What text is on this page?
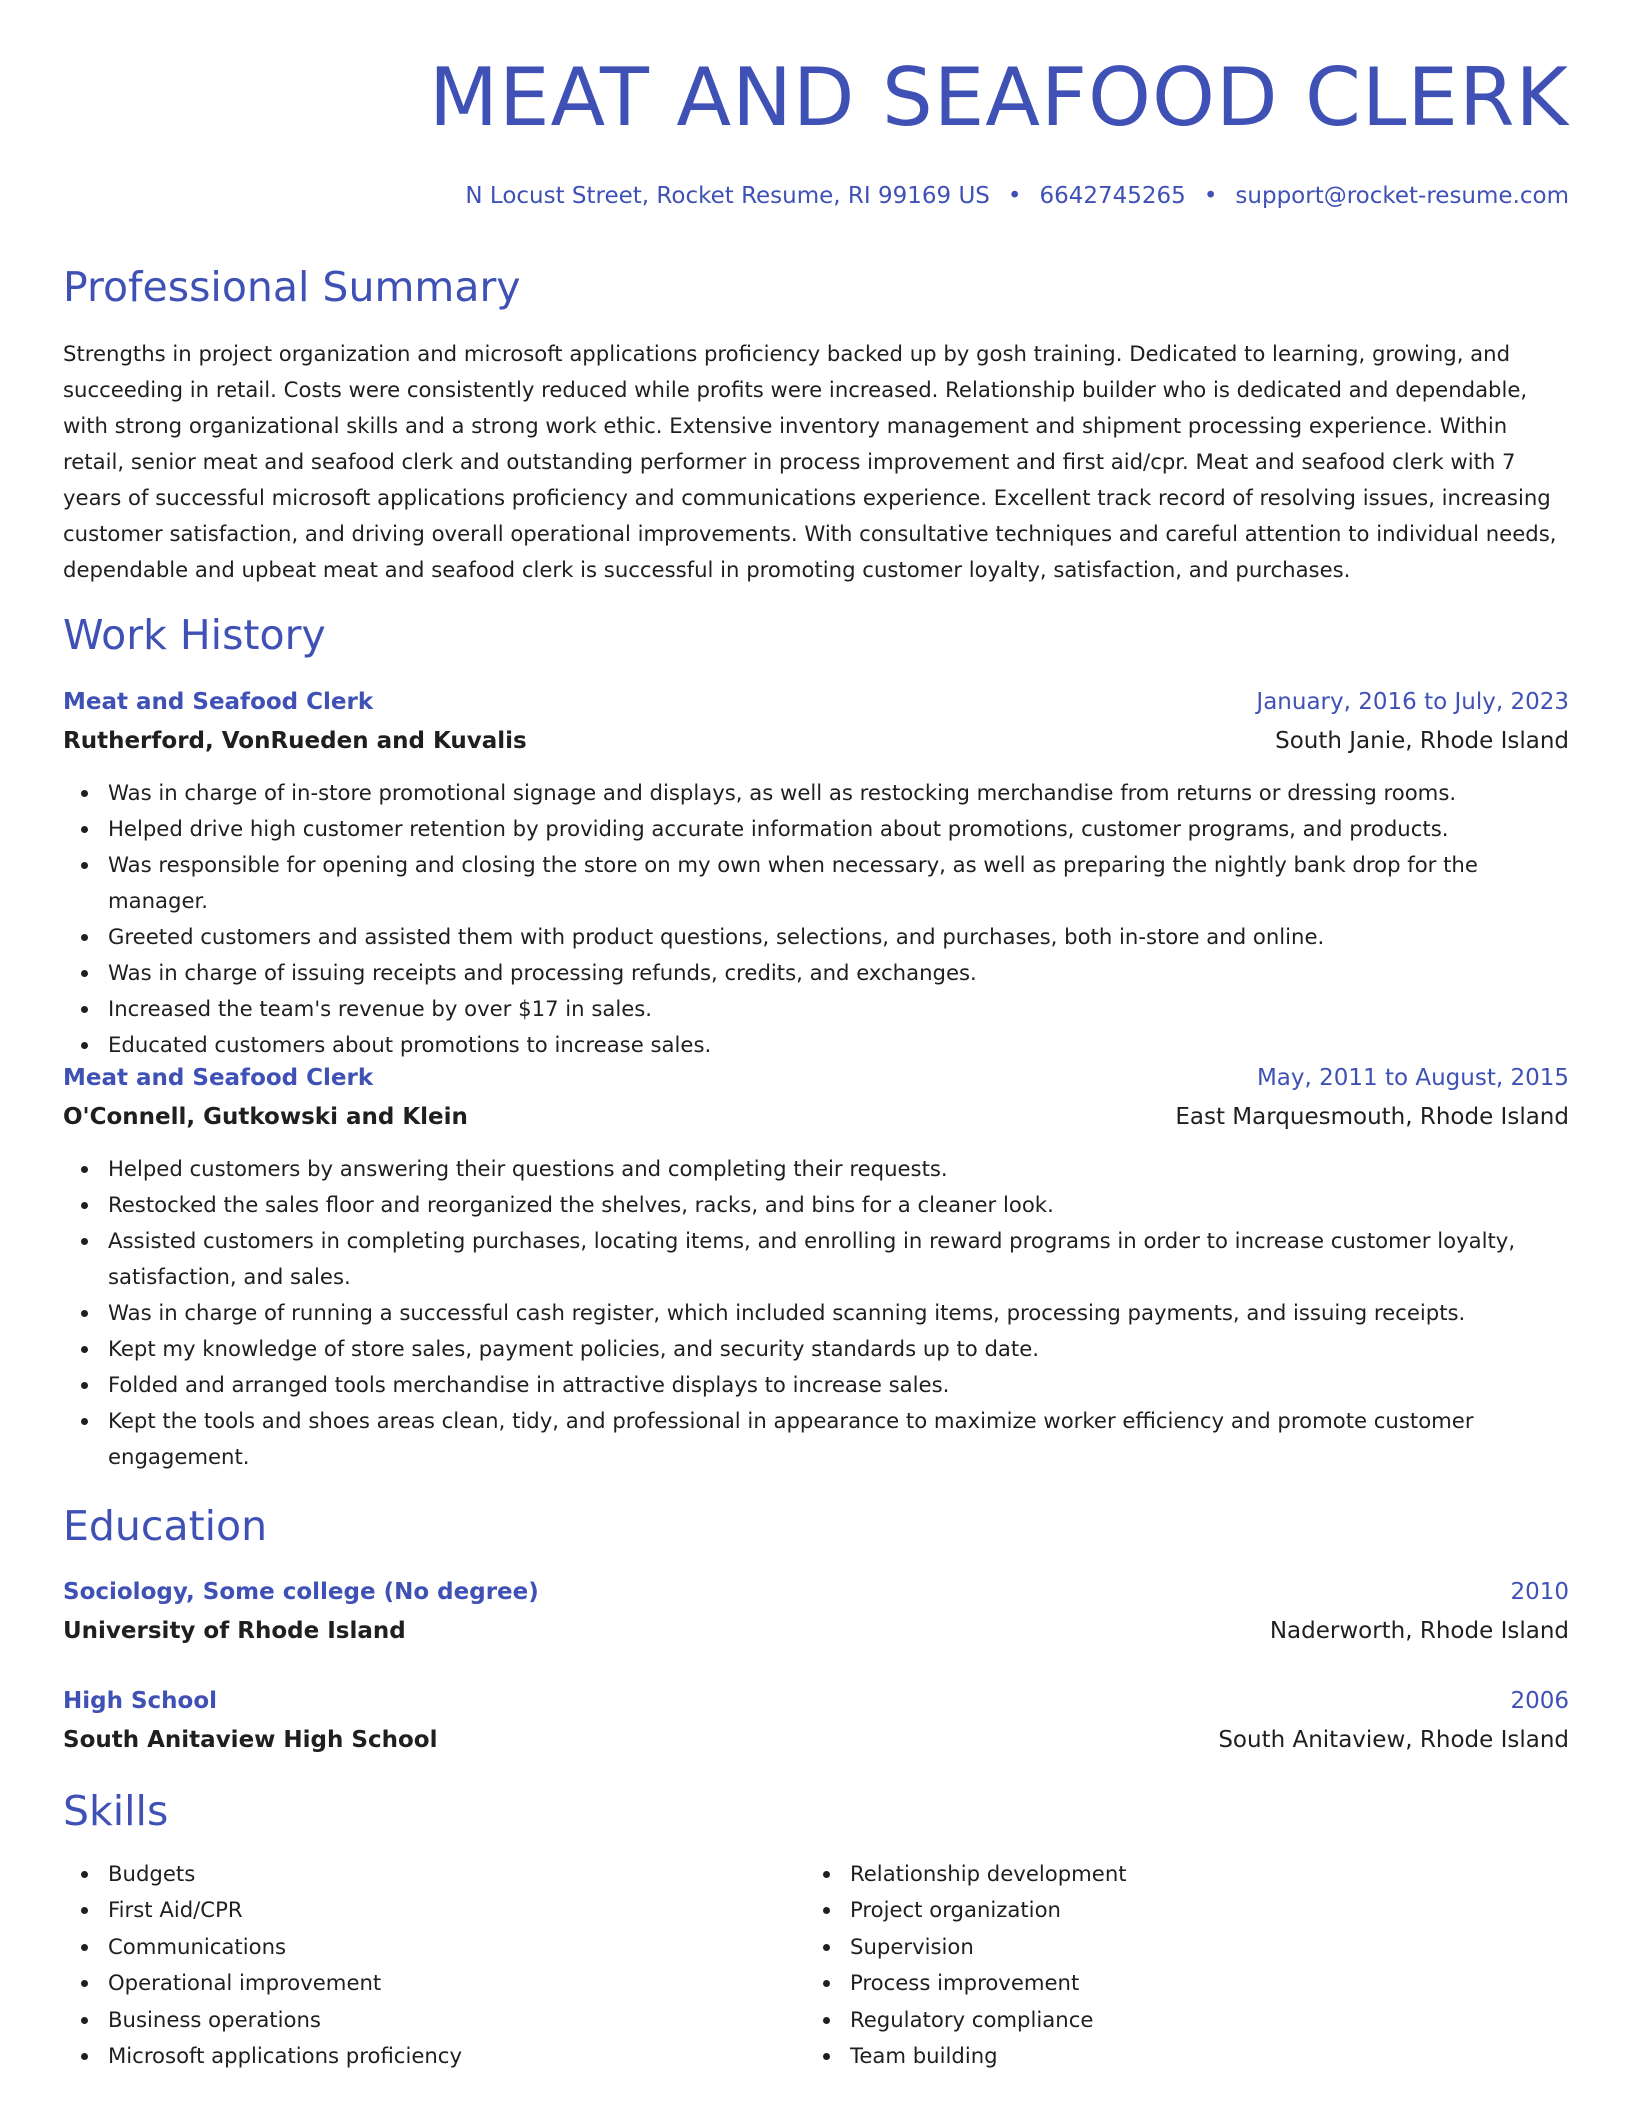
MEAT AND SEAFOOD CLERK
N Locust Street, Rocket Resume, RI 99169 US • 6642745265 • support@rocket-resume.com
Professional Summary

Strengths in project organization and microsoft applications proficiency backed up by gosh training. Dedicated to learning, growing, and succeeding in retail. Costs were consistently reduced while profits were increased. Relationship builder who is dedicated and dependable, with strong organizational skills and a strong work ethic. Extensive inventory management and shipment processing experience. Within retail, senior meat and seafood clerk and outstanding performer in process improvement and first aid/cpr. Meat and seafood clerk with 7 years of successful microsoft applications proficiency and communications experience. Excellent track record of resolving issues, increasing customer satisfaction, and driving overall operational improvements. With consultative techniques and careful attention to individual needs, dependable and upbeat meat and seafood clerk is successful in promoting customer loyalty, satisfaction, and purchases.

Work History
Meat and Seafood Clerk	January, 2016 to July, 2023
Rutherford, VonRueden and Kuvalis	South Janie, Rhode Island
Was in charge of in-store promotional signage and displays, as well as restocking merchandise from returns or dressing rooms.
Helped drive high customer retention by providing accurate information about promotions, customer programs, and products.
Was responsible for opening and closing the store on my own when necessary, as well as preparing the nightly bank drop for the manager.
Greeted customers and assisted them with product questions, selections, and purchases, both in-store and online.
Was in charge of issuing receipts and processing refunds, credits, and exchanges.
Increased the team's revenue by over $17 in sales.
Educated customers about promotions to increase sales.
Meat and Seafood Clerk	May, 2011 to August, 2015
O'Connell, Gutkowski and Klein	East Marquesmouth, Rhode Island
Helped customers by answering their questions and completing their requests.
Restocked the sales floor and reorganized the shelves, racks, and bins for a cleaner look.
Assisted customers in completing purchases, locating items, and enrolling in reward programs in order to increase customer loyalty, satisfaction, and sales.
Was in charge of running a successful cash register, which included scanning items, processing payments, and issuing receipts.
Kept my knowledge of store sales, payment policies, and security standards up to date.
Folded and arranged tools merchandise in attractive displays to increase sales.
Kept the tools and shoes areas clean, tidy, and professional in appearance to maximize worker efficiency and promote customer engagement.
Education
Sociology, Some college (No degree)	2010
University of Rhode Island	Naderworth, Rhode Island
High School	2006
South Anitaview High School	South Anitaview, Rhode Island
Skills
Budgets
First Aid/CPR
Communications
Operational improvement
Business operations
Microsoft applications proficiency
Relationship development
Project organization
Supervision
Process improvement
Regulatory compliance
Team building
